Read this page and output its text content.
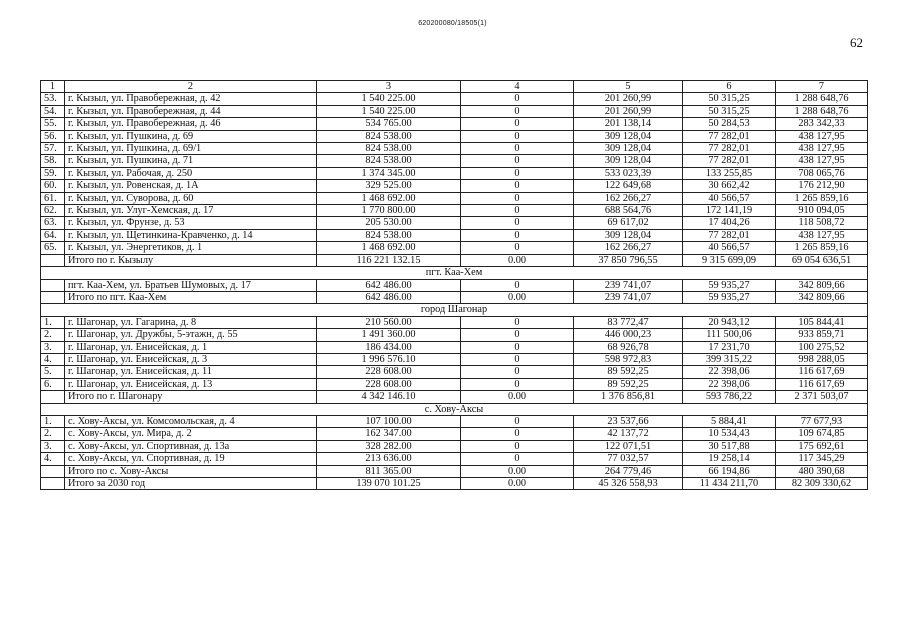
620200080/18505(1)
62
1	2	3	4	5	6	7
53.	г. Кызыл, ул. Правобережная, д. 42	1 540 225.00	0	201 260,99	50 315,25	1 288 648,76
54.	г. Кызыл, ул. Правобережная, д. 44	1 540 225.00	0	201 260,99	50 315,25	1 288 648,76
55.	г. Кызыл, ул. Правобережная, д. 46	534 765.00	0	201 138,14	50 284,53	283 342,33
56.	г. Кызыл, ул. Пушкина, д. 69	824 538.00	0	309 128,04	77 282,01	438 127,95
57.	г. Кызыл, ул. Пушкина, д. 69/1	824 538.00	0	309 128,04	77 282,01	438 127,95
58.	г. Кызыл, ул. Пушкина, д. 71	824 538.00	0	309 128,04	77 282,01	438 127,95
59.	г. Кызыл, ул. Рабочая, д. 250	1 374 345.00	0	533 023,39	133 255,85	708 065,76
60.	г. Кызыл, ул. Ровенская, д. 1А	329 525.00	0	122 649,68	30 662,42	176 212,90
61.	г. Кызыл, ул. Суворова, д. 60	1 468 692.00	0	162 266,27	40 566,57	1 265 859,16
62.	г. Кызыл, ул. Улуг-Хемская, д. 17	1 770 800.00	0	688 564,76	172 141,19	910 094,05
63.	г. Кызыл, ул. Фрунзе, д. 53	205 530.00	0	69 617,02	17 404,26	118 508,72
64.	г. Кызыл, ул. Щетинкина-Кравченко, д. 14	824 538.00	0	309 128,04	77 282,01	438 127,95
65.	г. Кызыл, ул. Энергетиков, д. 1	1 468 692.00	0	162 266,27	40 566,57	1 265 859,16
	Итого по г. Кызылу	116 221 132.15	0.00	37 850 796,55	9 315 699,09	69 054 636,51
пгт. Каа-Хем						
	пгт. Каа-Хем, ул. Братьев Шумовых, д. 17	642 486.00	0	239 741,07	59 935,27	342 809,66
	Итого по пгт. Каа-Хем	642 486.00	0.00	239 741,07	59 935,27	342 809,66
город Шагонар						
1.	г. Шагонар, ул. Гагарина, д. 8	210 560.00	0	83 772,47	20 943,12	105 844,41
2.	г. Шагонар, ул. Дружбы, 5-этажн, д. 55	1 491 360.00	0	446 000,23	111 500,06	933 859,71
3.	г. Шагонар, ул. Енисейская, д. 1	186 434.00	0	68 926,78	17 231,70	100 275,52
4.	г. Шагонар, ул. Енисейская, д. 3	1 996 576.10	0	598 972,83	399 315,22	998 288,05
5.	г. Шагонар, ул. Енисейская, д. 11	228 608.00	0	89 592,25	22 398,06	116 617,69
6.	г. Шагонар, ул. Енисейская, д. 13	228 608.00	0	89 592,25	22 398,06	116 617,69
	Итого по г. Шагонару	4 342 146.10	0.00	1 376 856,81	593 786,22	2 371 503,07
с. Хову-Аксы						
1.	с. Хову-Аксы, ул. Комсомольская, д. 4	107 100.00	0	23 537,66	5 884,41	77 677,93
2.	с. Хову-Аксы, ул. Мира, д. 2	162 347.00	0	42 137,72	10 534,43	109 674,85
3.	с. Хову-Аксы, ул. Спортивная, д. 13а	328 282.00	0	122 071,51	30 517,88	175 692,61
4.	с. Хову-Аксы, ул. Спортивная, д. 19	213 636.00	0	77 032,57	19 258,14	117 345,29
	Итого по с. Хову-Аксы	811 365.00	0.00	264 779,46	66 194,86	480 390,68
	Итого за 2030 год	139 070 101.25	0.00	45 326 558,93	11 434 211,70	82 309 330,62
